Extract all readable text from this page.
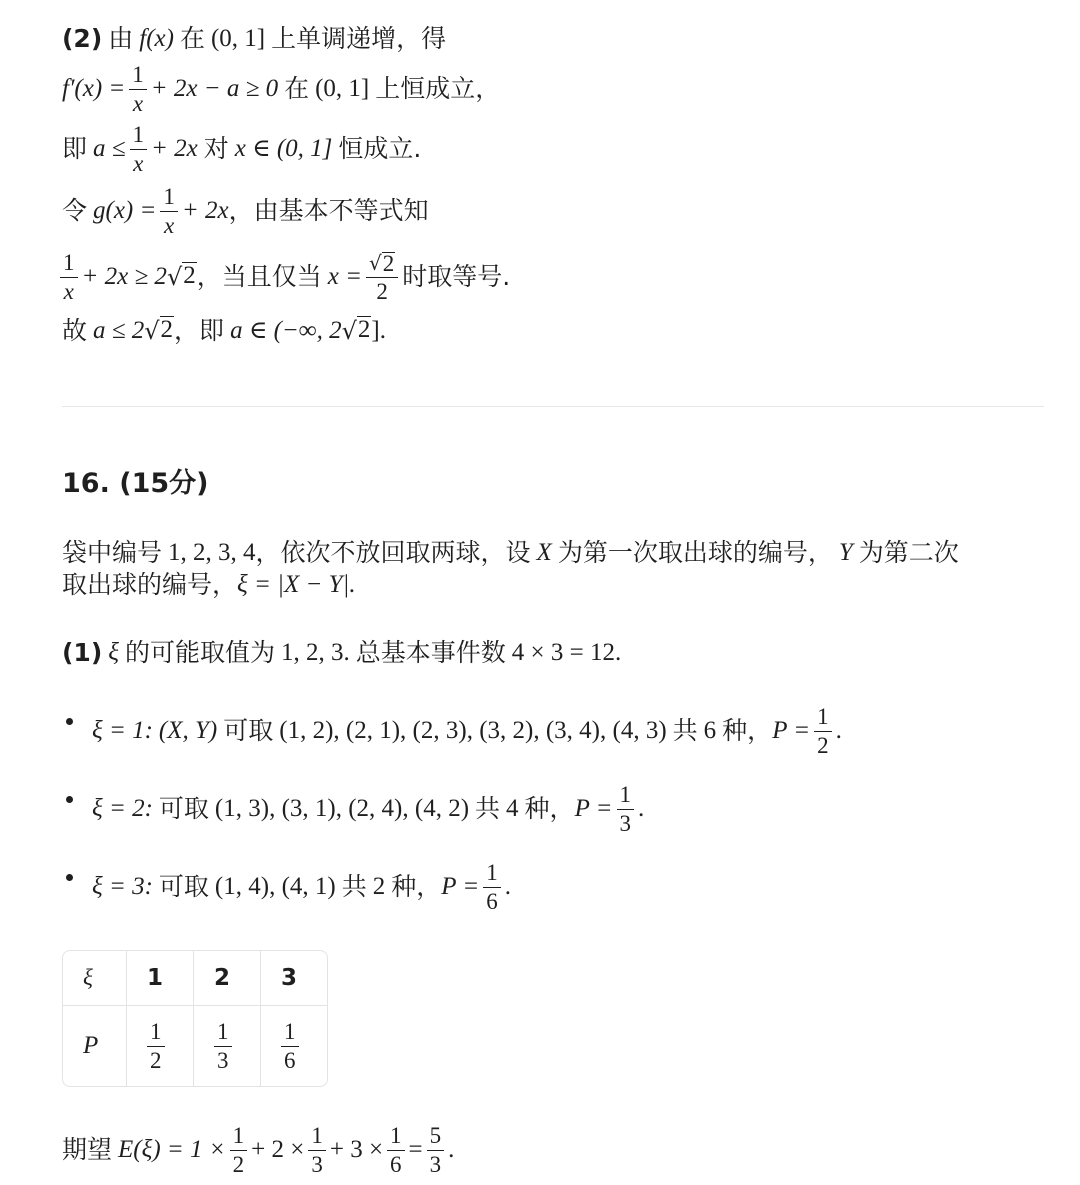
(2) 由 f(x) 在 (0, 1] 上单调递增，得
$f'(x) = \frac{1}{x} + 2x - a \ge 0$ 在 (0, 1] 上恒成立，
即 $a \le \frac{1}{x} + 2x$ 对 x ∈ (0, 1] 恒成立.
令 $g(x) = \frac{1}{x} + 2x$ ，由基本不等式知
$\frac{1}{x} + 2x \ge 2$ √ 2 ，当且仅当 $x = \frac{√ 2}{2}$ 时取等号.
故 a ≤ 2 √ 2 ，即 a ∈ (−∞, 2 √ 2 ].
16. (15分)
袋中编号 1, 2, 3, 4 ，依次不放回取两球，设 X 为第一次取出球的编号， Y 为第二次
取出球的编号， ξ = |X − Y|.
(1) ξ 的可能取值为 1, 2, 3. 总基本事件数 4 × 3 = 12.
ξ = 1: (X, Y) 可取 (1, 2), (2, 1), (2, 3), (3, 2), (3, 4), (4, 3) 共 6 种， $P = \frac{1}{2}$ .
ξ = 2: 可取 (1, 3), (3, 1), (2, 4), (4, 2) 共 4 种， $P = \frac{1}{3}$ .
ξ = 3: 可取 (1, 4), (4, 1) 共 2 种， $P = \frac{1}{6}$ .
ξ	1	2	3
P	$\frac{1}{2}$	$\frac{1}{3}$	$\frac{1}{6}$
期望 $E(\xi) = 1 \times \frac{1}{2} + 2 \times \frac{1}{3} + 3 \times \frac{1}{6} = \frac{5}{3}$ .
